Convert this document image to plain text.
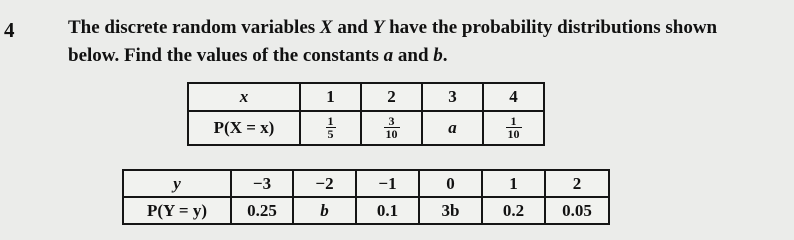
4	The discrete random variables X and Y have the probability distributions shown
below. Find the values of the constants a and b.
x	1	2	3	4
P(X = x)	$\frac{1}{5}$	$\frac{3}{10}$	a	$\frac{1}{10}$
y	−3	−2	−1	0	1	2
P(Y = y)	0.25	b	0.1	3b	0.2	0.05
